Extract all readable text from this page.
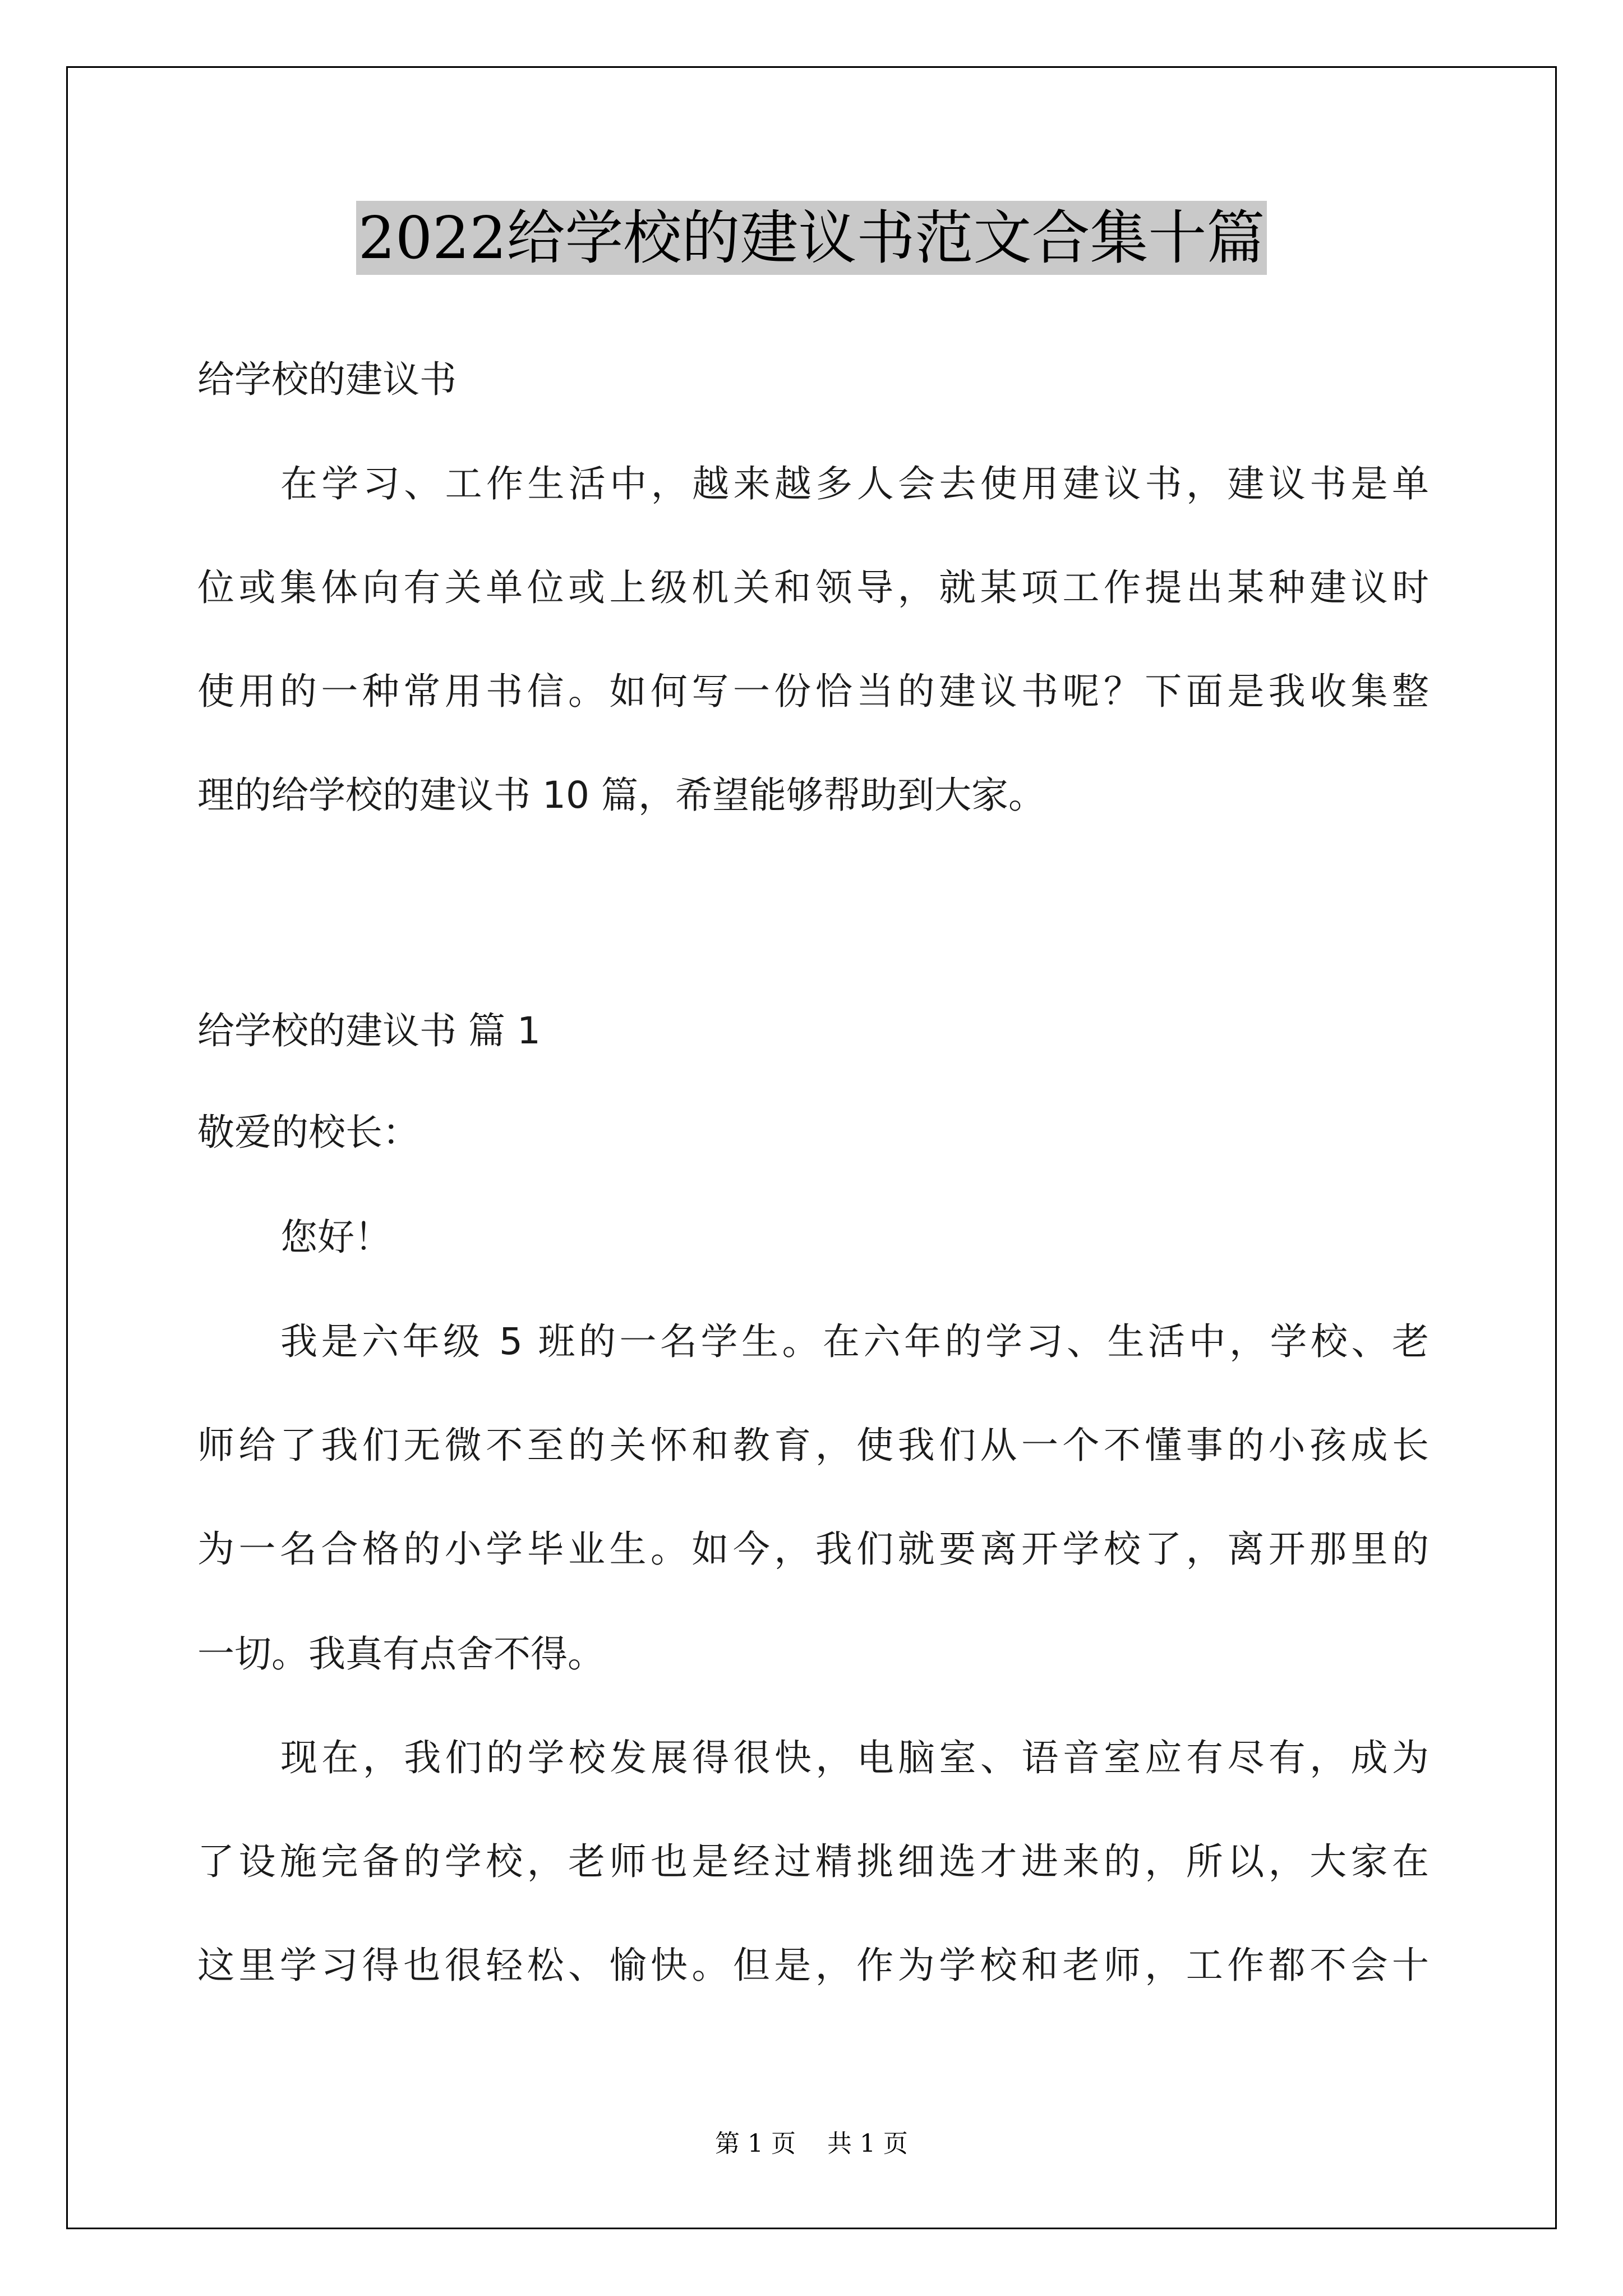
2022给学校的建议书范文合集十篇
给学校的建议书
在学习、工作生活中，越来越多人会去使用建议书，建议书是单
位或集体向有关单位或上级机关和领导，就某项工作提出某种建议时
使用的一种常用书信。如何写一份恰当的建议书呢？下面是我收集整
理的给学校的建议书 10 篇，希望能够帮助到大家。
给学校的建议书 篇 1
敬爱的校长：
您好！
我是六年级 5 班的一名学生。在六年的学习、生活中，学校、老
师给了我们无微不至的关怀和教育，使我们从一个不懂事的小孩成长
为一名合格的小学毕业生。如今，我们就要离开学校了，离开那里的
一切。我真有点舍不得。
现在，我们的学校发展得很快，电脑室、语音室应有尽有，成为
了设施完备的学校，老师也是经过精挑细选才进来的，所以，大家在
这里学习得也很轻松、愉快。但是，作为学校和老师，工作都不会十
第 1 页    共 1 页
